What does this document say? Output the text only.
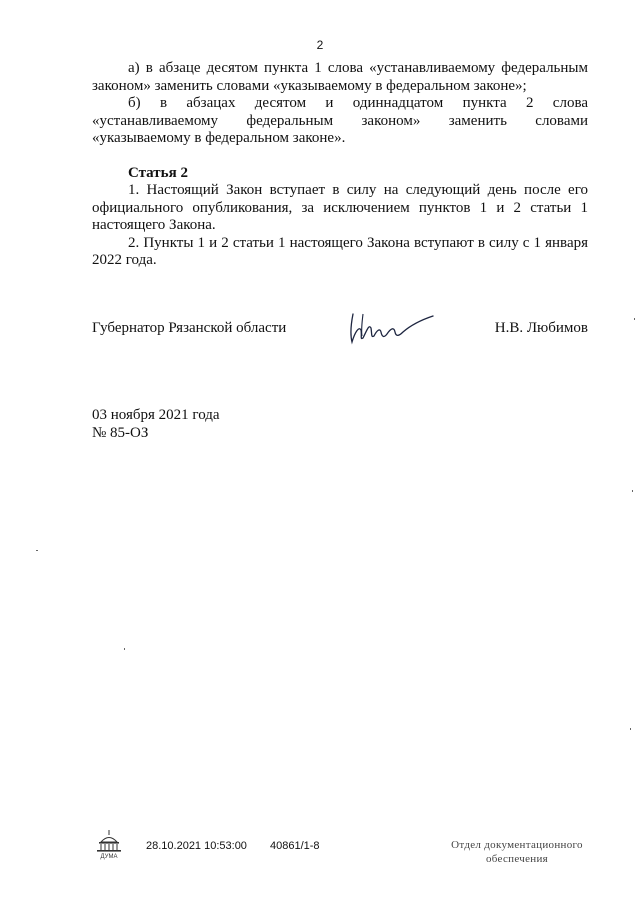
2

а) в абзаце десятом пункта 1 слова «устанавливаемому федеральным законом» заменить словами «указываемому в федеральном законе»;

б) в абзацах десятом и одиннадцатом пункта 2 слова

«устанавливаемому федеральным законом» заменить словами

«указываемому в федеральном законе».

Статья 2

1. Настоящий Закон вступает в силу на следующий день после его официального опубликования, за исключением пунктов 1 и 2 статьи 1 настоящего Закона.

2. Пункты 1 и 2 статьи 1 настоящего Закона вступают в силу с 1 января 2022 года.

Губернатор Рязанской области	Н.В. Любимов
03 ноября 2021 года
№ 85-ОЗ
ДУМА
28.10.2021 10:53:00 40861/1-8	Отдел документационного
обеспечения
